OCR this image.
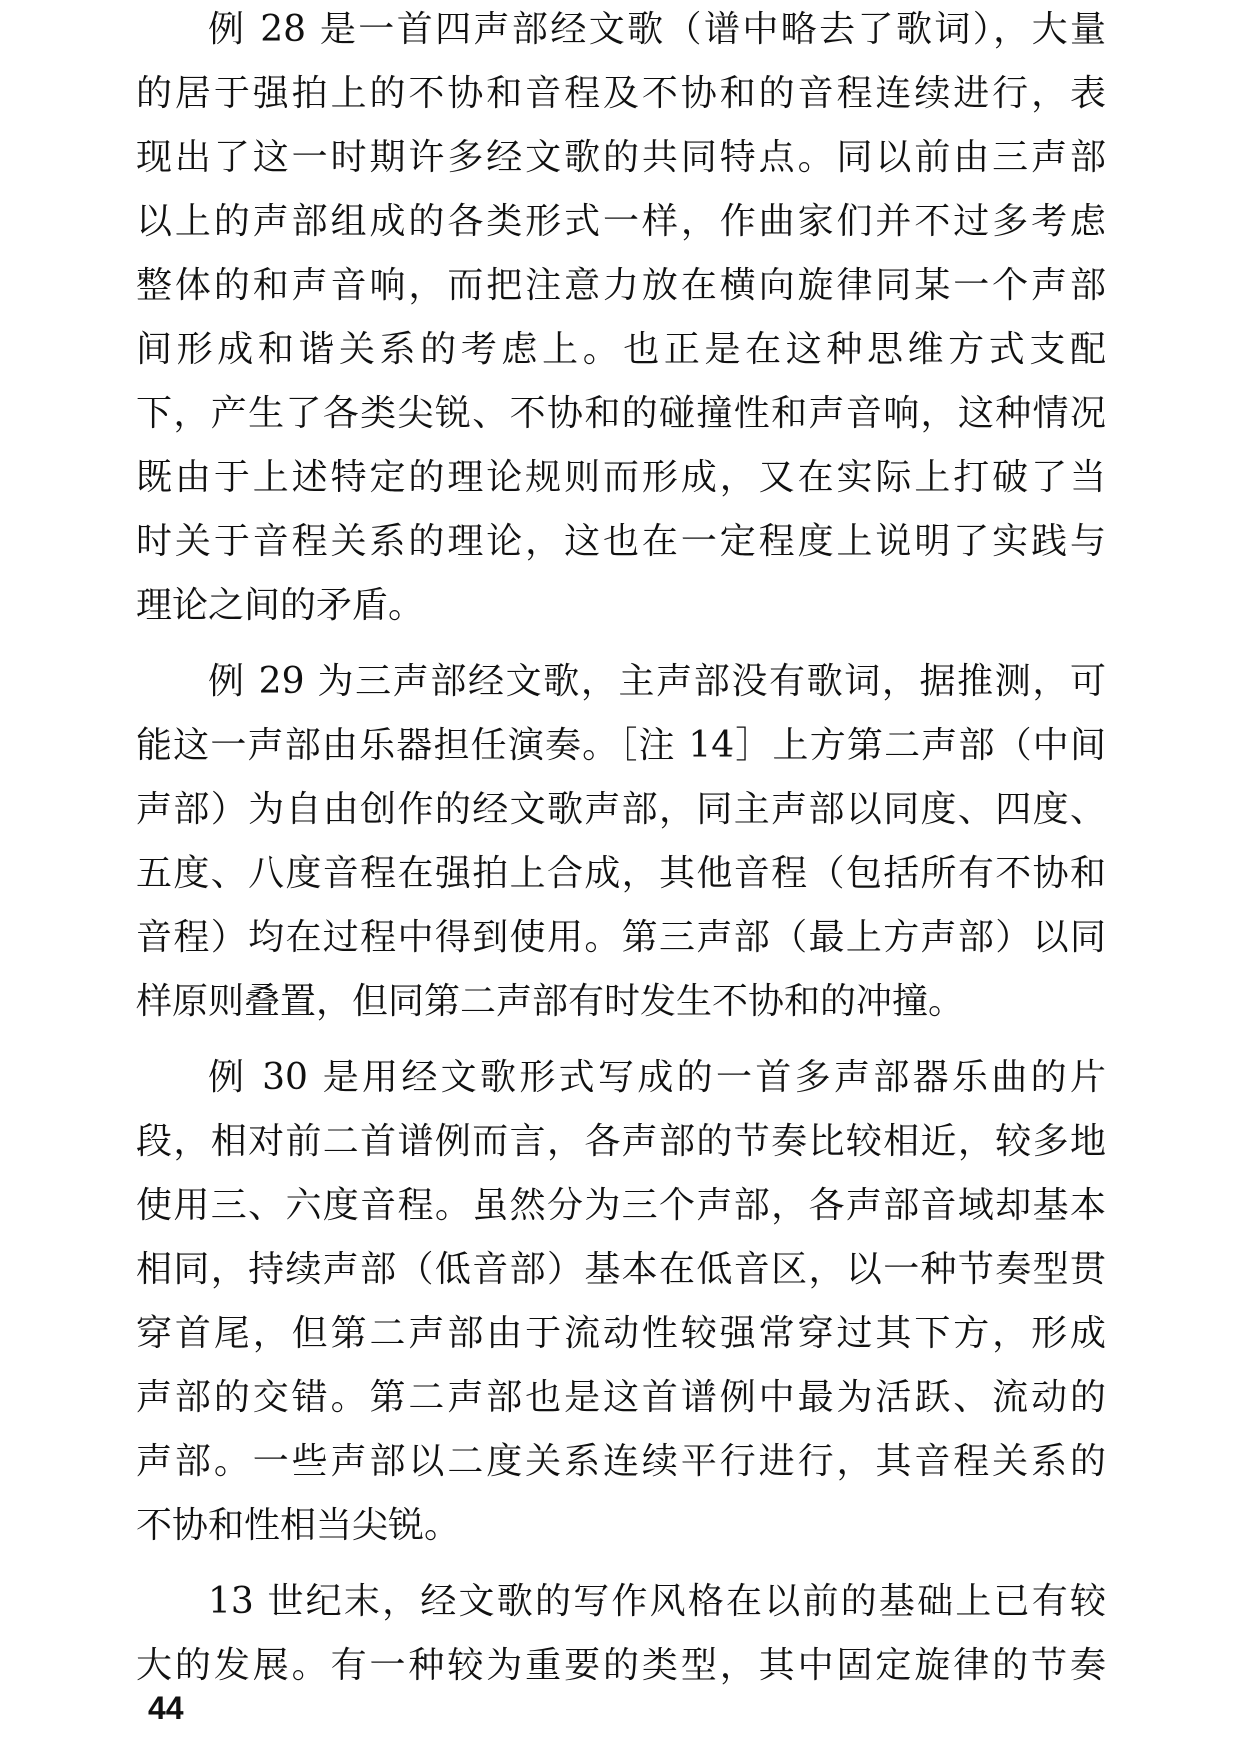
例 28 是一首四声部经文歌（谱中略去了歌词），大量
的居于强拍上的不协和音程及不协和的音程连续进行，表
现出了这一时期许多经文歌的共同特点。同以前由三声部
以上的声部组成的各类形式一样，作曲家们并不过多考虑
整体的和声音响，而把注意力放在横向旋律同某一个声部
间形成和谐关系的考虑上。也正是在这种思维方式支配
下，产生了各类尖锐、不协和的碰撞性和声音响，这种情况
既由于上述特定的理论规则而形成，又在实际上打破了当
时关于音程关系的理论，这也在一定程度上说明了实践与
理论之间的矛盾。
例 29 为三声部经文歌，主声部没有歌词，据推测，可
能这一声部由乐器担任演奏。［注 14］上方第二声部（中间
声部）为自由创作的经文歌声部，同主声部以同度、四度、
五度、八度音程在强拍上合成，其他音程（包括所有不协和
音程）均在过程中得到使用。第三声部（最上方声部）以同
样原则叠置，但同第二声部有时发生不协和的冲撞。
例 30 是用经文歌形式写成的一首多声部器乐曲的片
段，相对前二首谱例而言，各声部的节奏比较相近，较多地
使用三、六度音程。虽然分为三个声部，各声部音域却基本
相同，持续声部（低音部）基本在低音区，以一种节奏型贯
穿首尾，但第二声部由于流动性较强常穿过其下方，形成
声部的交错。第二声部也是这首谱例中最为活跃、流动的
声部。一些声部以二度关系连续平行进行，其音程关系的
不协和性相当尖锐。
13 世纪末，经文歌的写作风格在以前的基础上已有较
大的发展。有一种较为重要的类型，其中固定旋律的节奏
44
